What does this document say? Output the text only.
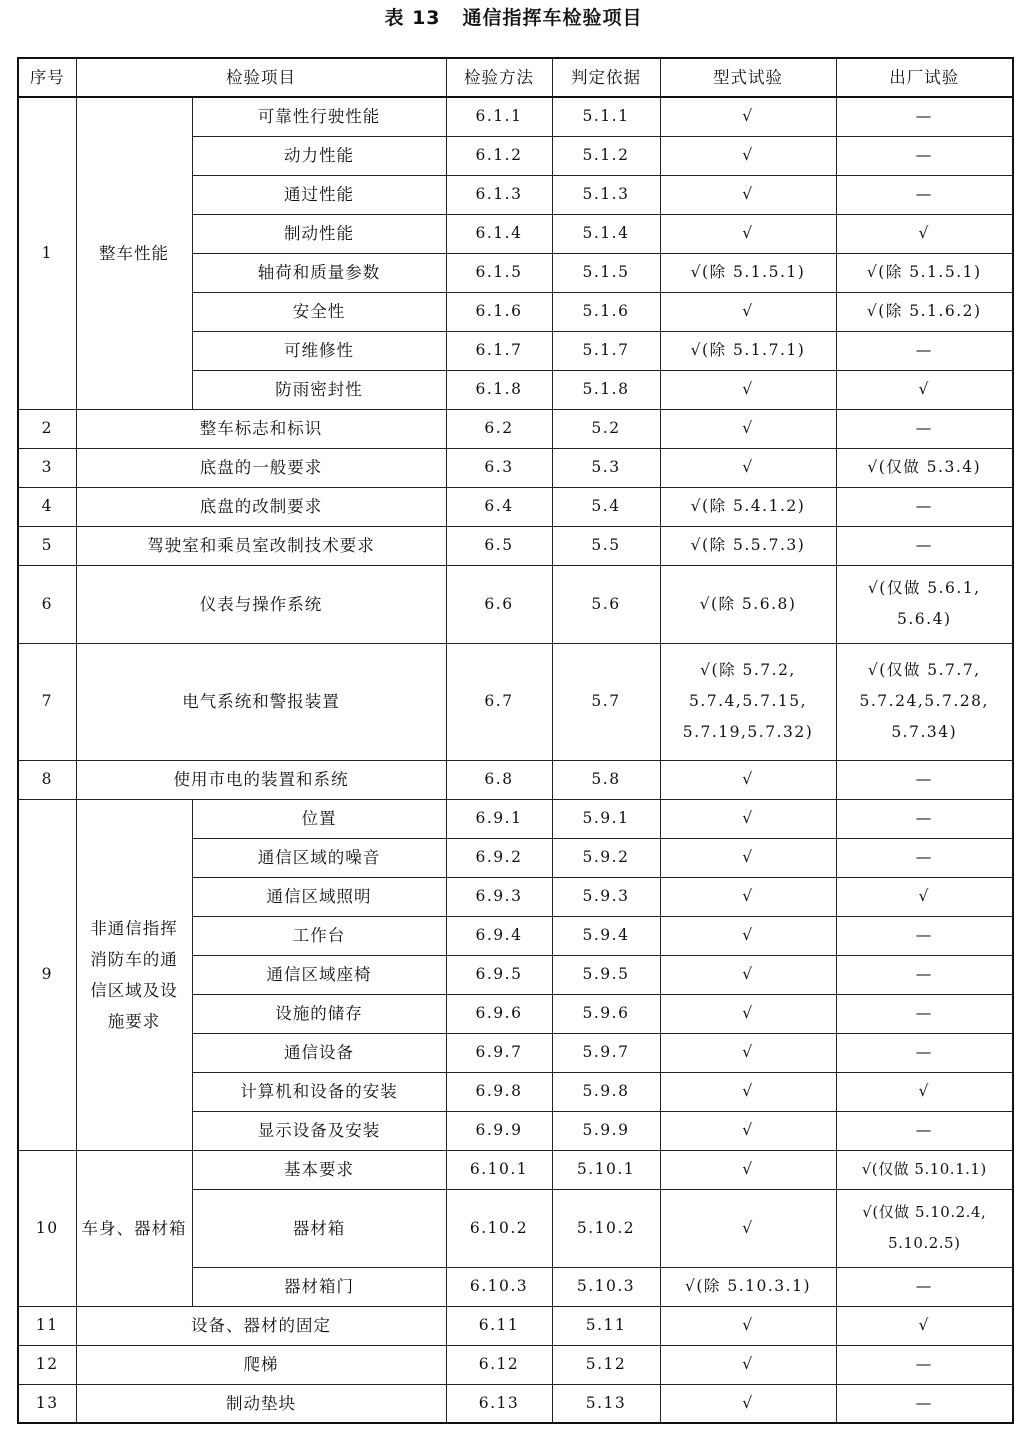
表 13 通信指挥车检验项目
序号	检验项目		检验方法	判定依据	型式试验	出厂试验
1	整车性能	可靠性行驶性能	6.1.1	5.1.1	√	—
		动力性能	6.1.2	5.1.2	√	—
		通过性能	6.1.3	5.1.3	√	—
		制动性能	6.1.4	5.1.4	√	√
		轴荷和质量参数	6.1.5	5.1.5	√(除 5.1.5.1)	√(除 5.1.5.1)
		安全性	6.1.6	5.1.6	√	√(除 5.1.6.2)
		可维修性	6.1.7	5.1.7	√(除 5.1.7.1)	—
		防雨密封性	6.1.8	5.1.8	√	√
2	整车标志和标识		6.2	5.2	√	—
3	底盘的一般要求		6.3	5.3	√	√(仅做 5.3.4)
4	底盘的改制要求		6.4	5.4	√(除 5.4.1.2)	—
5	驾驶室和乘员室改制技术要求		6.5	5.5	√(除 5.5.7.3)	—
6	仪表与操作系统		6.6	5.6	√(除 5.6.8)	√(仅做 5.6.1,
5.6.4)
7	电气系统和警报装置		6.7	5.7	√(除 5.7.2,
5.7.4,5.7.15,
5.7.19,5.7.32)	√(仅做 5.7.7,
5.7.24,5.7.28,
5.7.34)
8	使用市电的装置和系统		6.8	5.8	√	—
9	非通信指挥
消防车的通
信区域及设
施要求	位置	6.9.1	5.9.1	√	—
		通信区域的噪音	6.9.2	5.9.2	√	—
		通信区域照明	6.9.3	5.9.3	√	√
		工作台	6.9.4	5.9.4	√	—
		通信区域座椅	6.9.5	5.9.5	√	—
		设施的储存	6.9.6	5.9.6	√	—
		通信设备	6.9.7	5.9.7	√	—
		计算机和设备的安装	6.9.8	5.9.8	√	√
		显示设备及安装	6.9.9	5.9.9	√	—
10	车身、器材箱	基本要求	6.10.1	5.10.1	√	√(仅做 5.10.1.1)
		器材箱	6.10.2	5.10.2	√	√(仅做 5.10.2.4,
5.10.2.5)
		器材箱门	6.10.3	5.10.3	√(除 5.10.3.1)	—
11	设备、器材的固定		6.11	5.11	√	√
12	爬梯		6.12	5.12	√	—
13	制动垫块		6.13	5.13	√	—
